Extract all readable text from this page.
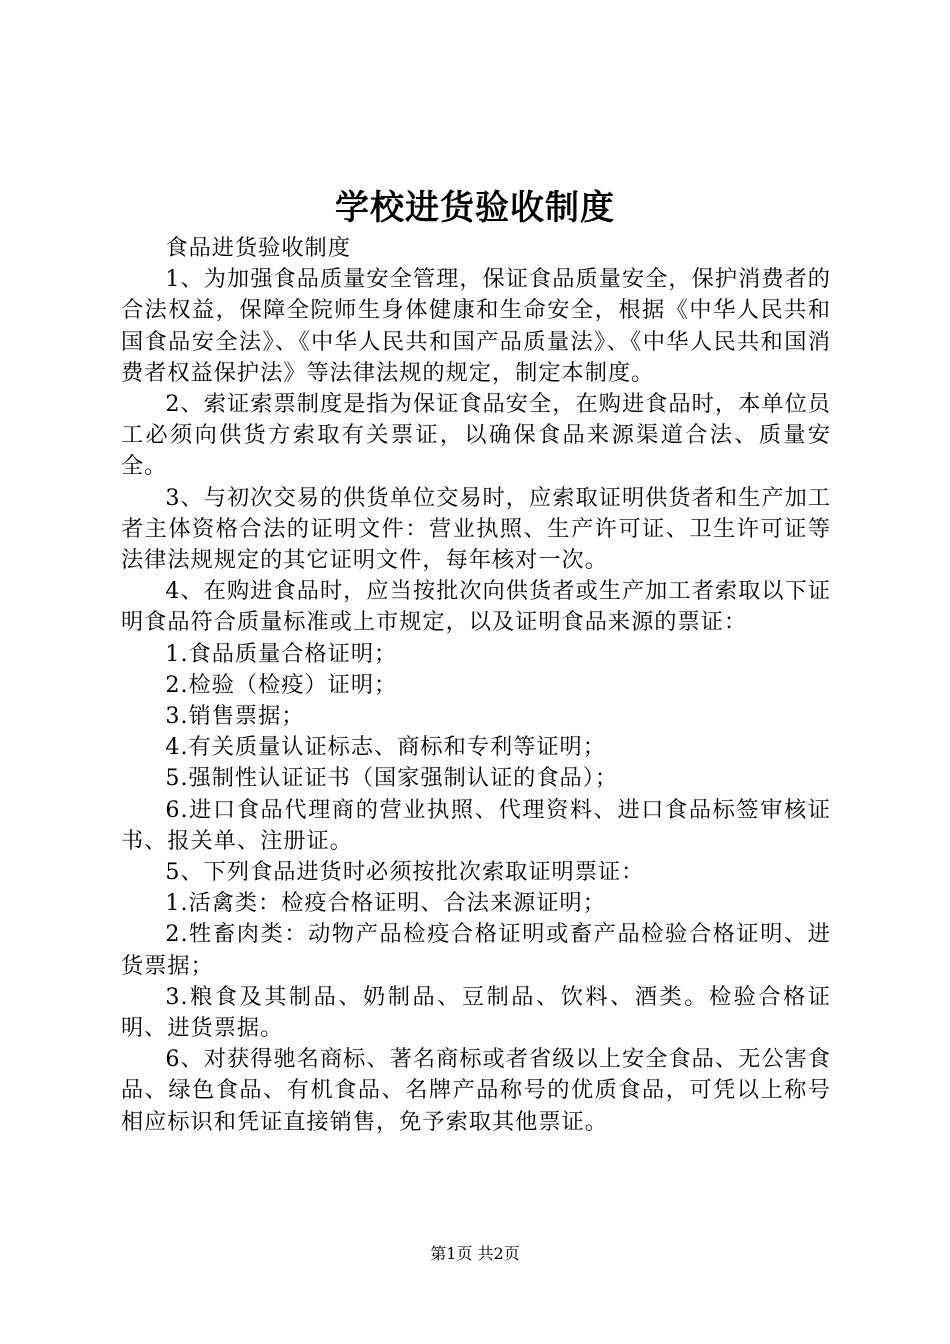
学校进货验收制度

食品进货验收制度

1、为加强食品质量安全管理，保证食品质量安全，保护消费者的合法权益，保障全院师生身体健康和生命安全，根据《中华人民共和国食品安全法》、《中华人民共和国产品质量法》、《中华人民共和国消费者权益保护法》等法律法规的规定，制定本制度。

2、索证索票制度是指为保证食品安全，在购进食品时，本单位员工必须向供货方索取有关票证，以确保食品来源渠道合法、质量安全。

3、与初次交易的供货单位交易时，应索取证明供货者和生产加工者主体资格合法的证明文件：营业执照、生产许可证、卫生许可证等法律法规规定的其它证明文件，每年核对一次。

4、在购进食品时，应当按批次向供货者或生产加工者索取以下证明食品符合质量标准或上市规定，以及证明食品来源的票证：

1.食品质量合格证明；

2.检验（检疫）证明；

3.销售票据；

4.有关质量认证标志、商标和专利等证明；

5.强制性认证证书（国家强制认证的食品）；

6.进口食品代理商的营业执照、代理资料、进口食品标签审核证书、报关单、注册证。

5、下列食品进货时必须按批次索取证明票证：

1.活禽类：检疫合格证明、合法来源证明；

2.牲畜肉类：动物产品检疫合格证明或畜产品检验合格证明、进货票据；

3.粮食及其制品、奶制品、豆制品、饮料、酒类。检验合格证明、进货票据。

6、对获得驰名商标、著名商标或者省级以上安全食品、无公害食品、绿色食品、有机食品、名牌产品称号的优质食品，可凭以上称号相应标识和凭证直接销售，免予索取其他票证。

第1页 共2页
